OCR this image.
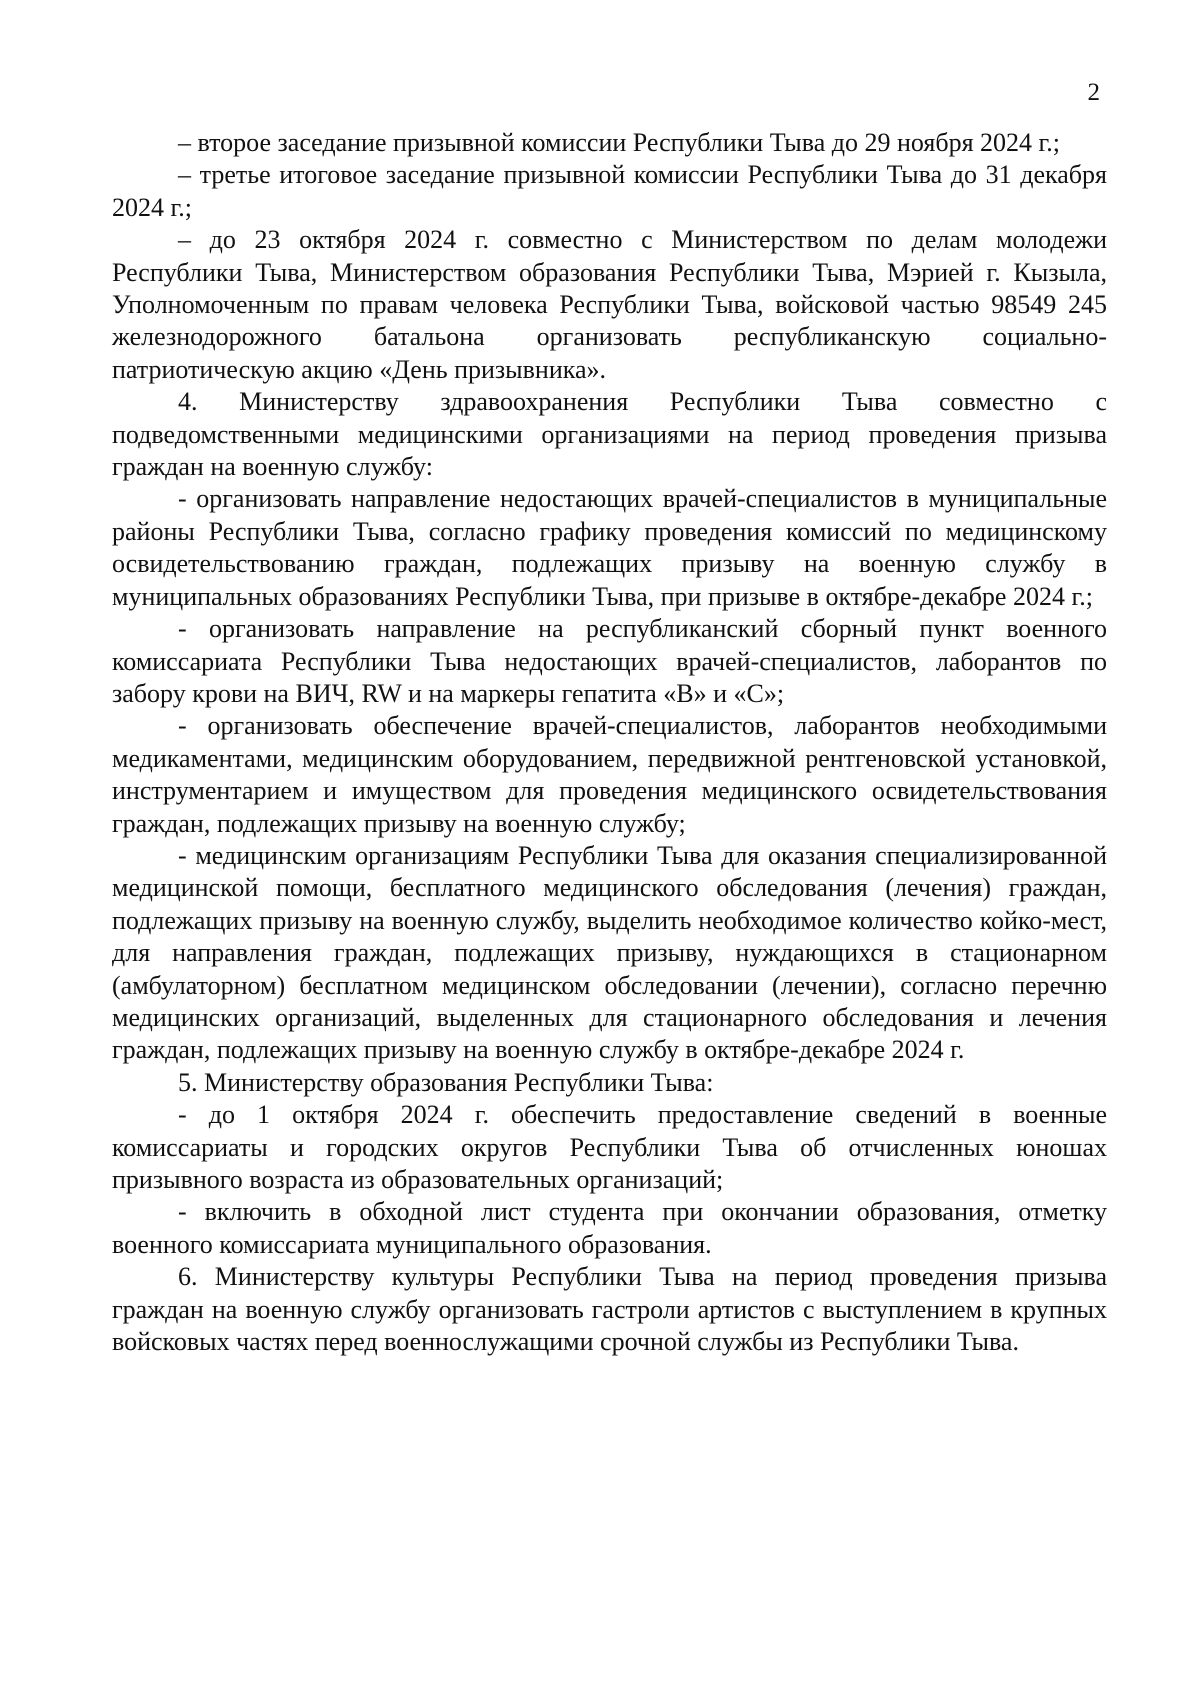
2

– второе заседание призывной комиссии Республики Тыва до 29 ноября 2024 г.;

– третье итоговое заседание призывной комиссии Республики Тыва до 31 декабря 2024 г.;

– до 23 октября 2024 г. совместно с Министерством по делам молодежи Республики Тыва, Министерством образования Республики Тыва, Мэрией г. Кызыла, Уполномоченным по правам человека Республики Тыва, войсковой частью 98549 245 железнодорожного батальона организовать республиканскую социально-патриотическую акцию «День призывника».

4. Министерству здравоохранения Республики Тыва совместно с подведомственными медицинскими организациями на период проведения призыва граждан на военную службу:

- организовать направление недостающих врачей-специалистов в муниципальные районы Республики Тыва, согласно графику проведения комиссий по медицинскому освидетельствованию граждан, подлежащих призыву на военную службу в муниципальных образованиях Республики Тыва, при призыве в октябре-декабре 2024 г.;

- организовать направление на республиканский сборный пункт военного комиссариата Республики Тыва недостающих врачей-специалистов, лаборантов по забору крови на ВИЧ, RW и на маркеры гепатита «В» и «С»;

- организовать обеспечение врачей-специалистов, лаборантов необходимыми медикаментами, медицинским оборудованием, передвижной рентгеновской установкой, инструментарием и имуществом для проведения медицинского освидетельствования граждан, подлежащих призыву на военную службу;

- медицинским организациям Республики Тыва для оказания специализированной медицинской помощи, бесплатного медицинского обследования (лечения) граждан, подлежащих призыву на военную службу, выделить необходимое количество койко-мест, для направления граждан, подлежащих призыву, нуждающихся в стационарном (амбулаторном) бесплатном медицинском обследовании (лечении), согласно перечню медицинских организаций, выделенных для стационарного обследования и лечения граждан, подлежащих призыву на военную службу в октябре-декабре 2024 г.

5. Министерству образования Республики Тыва:

- до 1 октября 2024 г. обеспечить предоставление сведений в военные комиссариаты и городских округов Республики Тыва об отчисленных юношах призывного возраста из образовательных организаций;

- включить в обходной лист студента при окончании образования, отметку военного комиссариата муниципального образования.

6. Министерству культуры Республики Тыва на период проведения призыва граждан на военную службу организовать гастроли артистов с выступлением в крупных войсковых частях перед военнослужащими срочной службы из Республики Тыва.
